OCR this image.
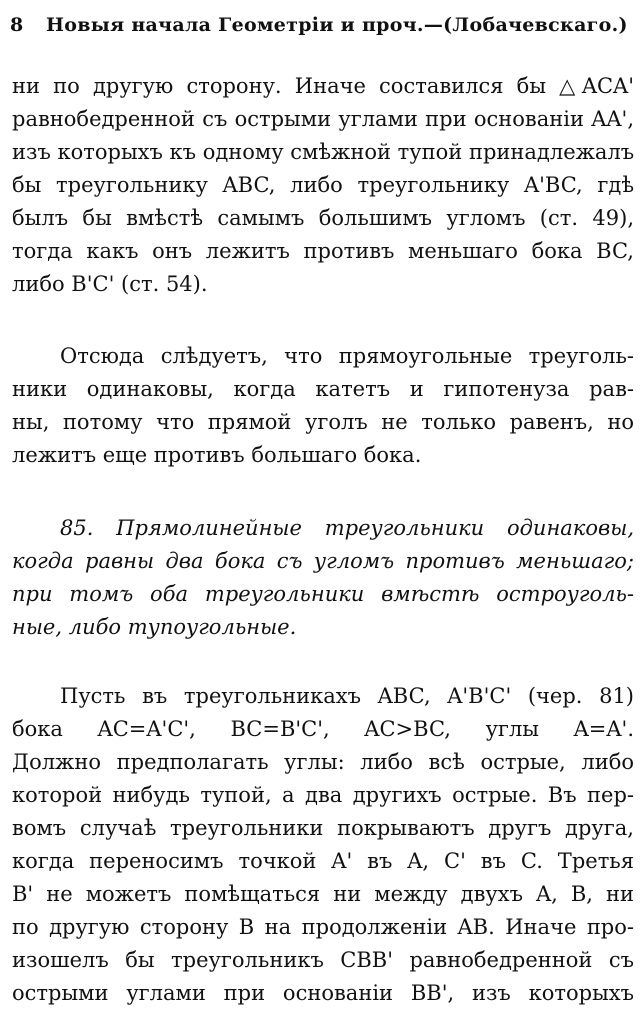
8 Новыя начала Геометріи и проч.—(Лобачевскаго.)
ни по другую сторону. Иначе составился бы △ACA'
равнобедренной съ острыми углами при основаніи AA',
изъ которыхъ къ одному смѣжной тупой принадлежалъ
бы треугольнику ABC, либо треугольнику A'BC, гдѣ
былъ бы вмѣстѣ самымъ большимъ угломъ (ст. 49),
тогда какъ онъ лежитъ противъ меньшаго бока BC,
либо B'C' (ст. 54).
Отсюда слѣдуетъ, что прямоугольные треуголь-
ники одинаковы, когда катетъ и гипотенуза рав-
ны, потому что прямой уголъ не только равенъ, но
лежитъ еще противъ большаго бока.
85. Прямолинейные треугольники одинаковы,
когда равны два бока съ угломъ противъ меньшаго;
при томъ оба треугольники вмѣстѣ остроуголь-
ные, либо тупоугольные.
Пусть въ треугольникахъ ABC, A'B'C' (чер. 81)
бока AC=A'C', BC=B'C', AC>BC, углы A=A'.
Должно предполагать углы: либо всѣ острые, либо
которой нибудь тупой, а два другихъ острые. Въ пер-
вомъ случаѣ треугольники покрываютъ другъ друга,
когда переносимъ точкой A' въ A, C' въ C. Третья
B' не можетъ помѣщаться ни между двухъ A, B, ни
по другую сторону B на продолженіи AB. Иначе про-
изошелъ бы треугольникъ CBB' равнобедренной съ
острыми углами при основаніи BB', изъ которыхъ
